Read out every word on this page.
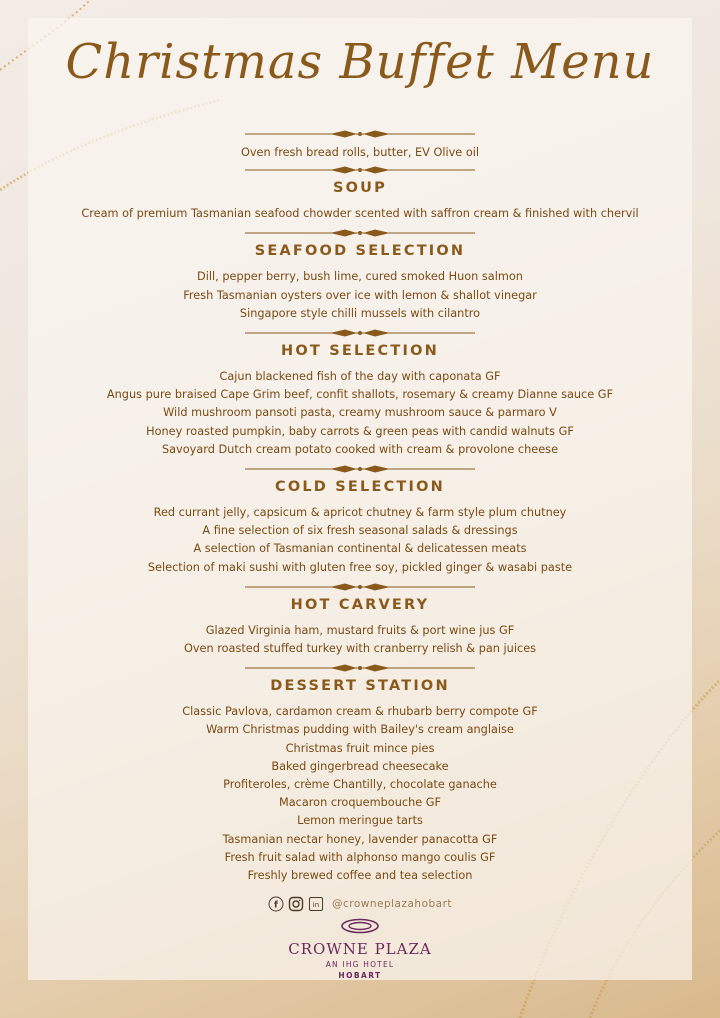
Christmas Buffet Menu
Oven fresh bread rolls, butter, EV Olive oil
SOUP
Cream of premium Tasmanian seafood chowder scented with saffron cream & finished with chervil
SEAFOOD SELECTION
Dill, pepper berry, bush lime, cured smoked Huon salmon
Fresh Tasmanian oysters over ice with lemon & shallot vinegar
Singapore style chilli mussels with cilantro
HOT SELECTION
Cajun blackened fish of the day with caponata GF
Angus pure braised Cape Grim beef, confit shallots, rosemary & creamy Dianne sauce GF
Wild mushroom pansoti pasta, creamy mushroom sauce & parmaro V
Honey roasted pumpkin, baby carrots & green peas with candid walnuts GF
Savoyard Dutch cream potato cooked with cream & provolone cheese
COLD SELECTION
Red currant jelly, capsicum & apricot chutney & farm style plum chutney
A fine selection of six fresh seasonal salads & dressings
A selection of Tasmanian continental & delicatessen meats
Selection of maki sushi with gluten free soy, pickled ginger & wasabi paste
HOT CARVERY
Glazed Virginia ham, mustard fruits & port wine jus GF
Oven roasted stuffed turkey with cranberry relish & pan juices
DESSERT STATION
Classic Pavlova, cardamon cream & rhubarb berry compote GF
Warm Christmas pudding with Bailey's cream anglaise
Christmas fruit mince pies
Baked gingerbread cheesecake
Profiteroles, crème Chantilly, chocolate ganache
Macaron croquembouche GF
Lemon meringue tarts
Tasmanian nectar honey, lavender panacotta GF
Fresh fruit salad with alphonso mango coulis GF
Freshly brewed coffee and tea selection
f	in @crowneplazahobart
CROWNE PLAZA
AN IHG HOTEL
HOBART
